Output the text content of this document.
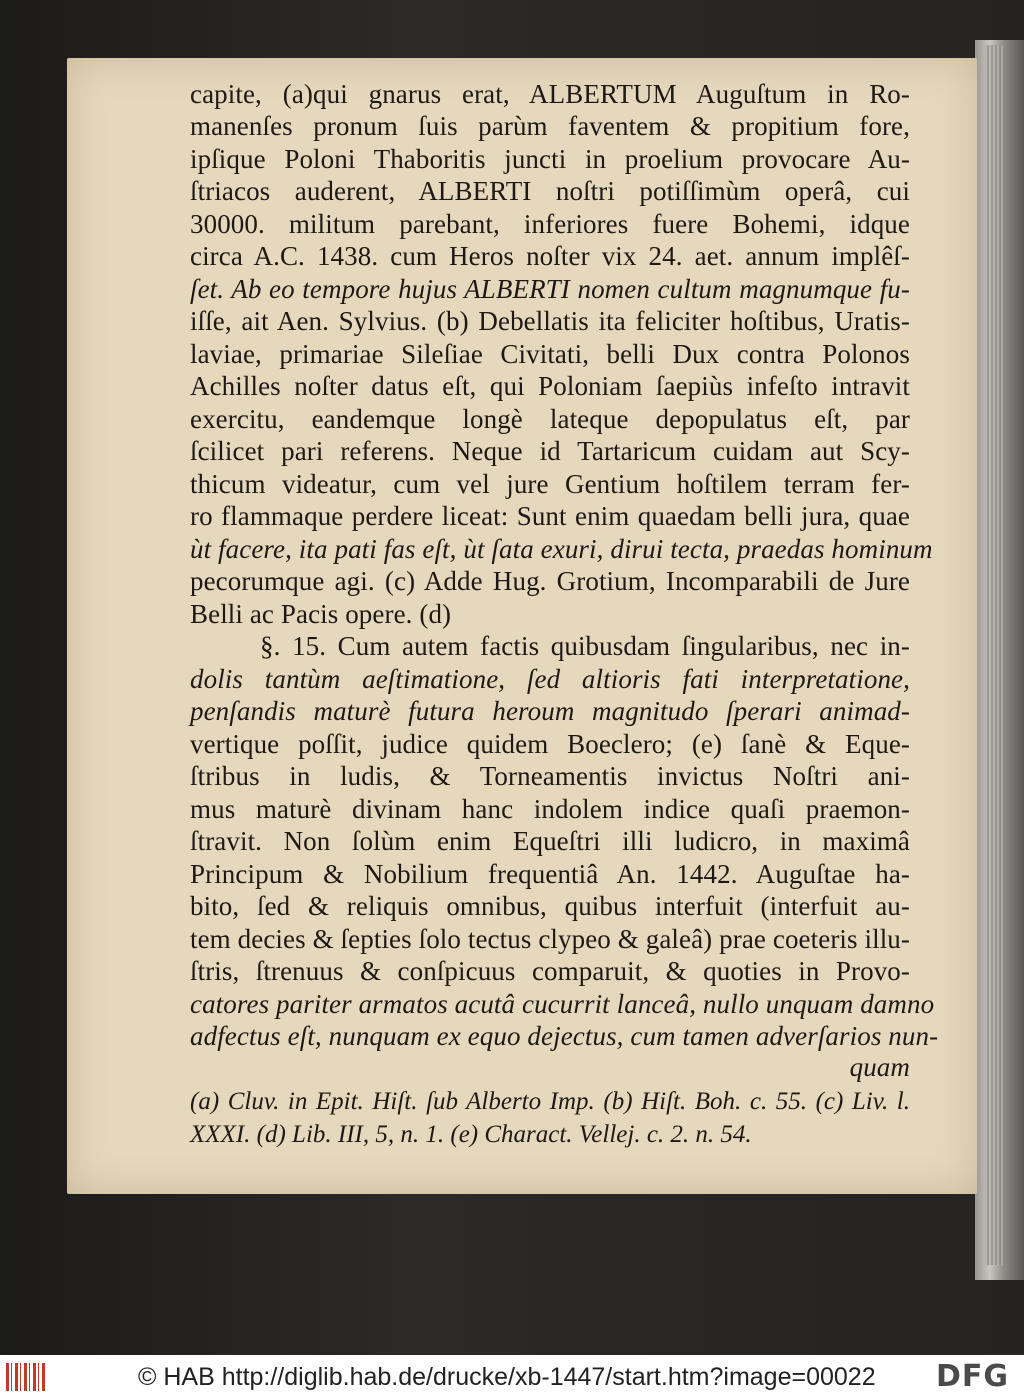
capite, (a)qui gnarus erat, ALBERTUM Auguſtum in Ro-
manenſes pronum ſuis parùm faventem & propitium fore,
ipſique Poloni Thaboritis juncti in proelium provocare Au-
ſtriacos auderent, ALBERTI noſtri potiſſimùm operâ, cui
30000. militum parebant, inferiores fuere Bohemi, idque
circa A.C. 1438. cum Heros noſter vix 24. aet. annum implêſ-
ſet. Ab eo tempore hujus ALBERTI nomen cultum magnumque fu-
iſſe, ait Aen. Sylvius. (b) Debellatis ita feliciter hoſtibus, Uratis-
laviae, primariae Sileſiae Civitati, belli Dux contra Polonos
Achilles noſter datus eſt, qui Poloniam ſaepiùs infeſto intravit
exercitu, eandemque longè lateque depopulatus eſt, par
ſcilicet pari referens. Neque id Tartaricum cuidam aut Scy-
thicum videatur, cum vel jure Gentium hoſtilem terram fer-
ro flammaque perdere liceat: Sunt enim quaedam belli jura, quae
ùt facere, ita pati fas eſt, ùt ſata exuri, dirui tecta, praedas hominum
pecorumque agi. (c) Adde Hug. Grotium, Incomparabili de Jure
Belli ac Pacis opere. (d)
§. 15. Cum autem factis quibusdam ſingularibus, nec in-
dolis tantùm aeſtimatione, ſed altioris fati interpretatione,
penſandis maturè futura heroum magnitudo ſperari animad-
vertique poſſit, judice quidem Boeclero; (e) ſanè & Eque-
ſtribus in ludis, & Torneamentis invictus Noſtri ani-
mus maturè divinam hanc indolem indice quaſi praemon-
ſtravit. Non ſolùm enim Equeſtri illi ludicro, in maximâ
Principum & Nobilium frequentiâ An. 1442. Auguſtae ha-
bito, ſed & reliquis omnibus, quibus interfuit (interfuit au-
tem decies & ſepties ſolo tectus clypeo & galeâ) prae coeteris illu-
ſtris, ſtrenuus & conſpicuus comparuit, & quoties in Provo-
catores pariter armatos acutâ cucurrit lanceâ, nullo unquam damno
adfectus eſt, nunquam ex equo dejectus, cum tamen adverſarios nun-
quam
(a) Cluv. in Epit. Hiſt. ſub Alberto Imp. (b) Hiſt. Boh. c. 55. (c) Liv. l.
XXXI. (d) Lib. III, 5, n. 1. (e) Charact. Vellej. c. 2. n. 54.
© HAB http://diglib.hab.de/drucke/xb-1447/start.htm?image=00022 DFG
